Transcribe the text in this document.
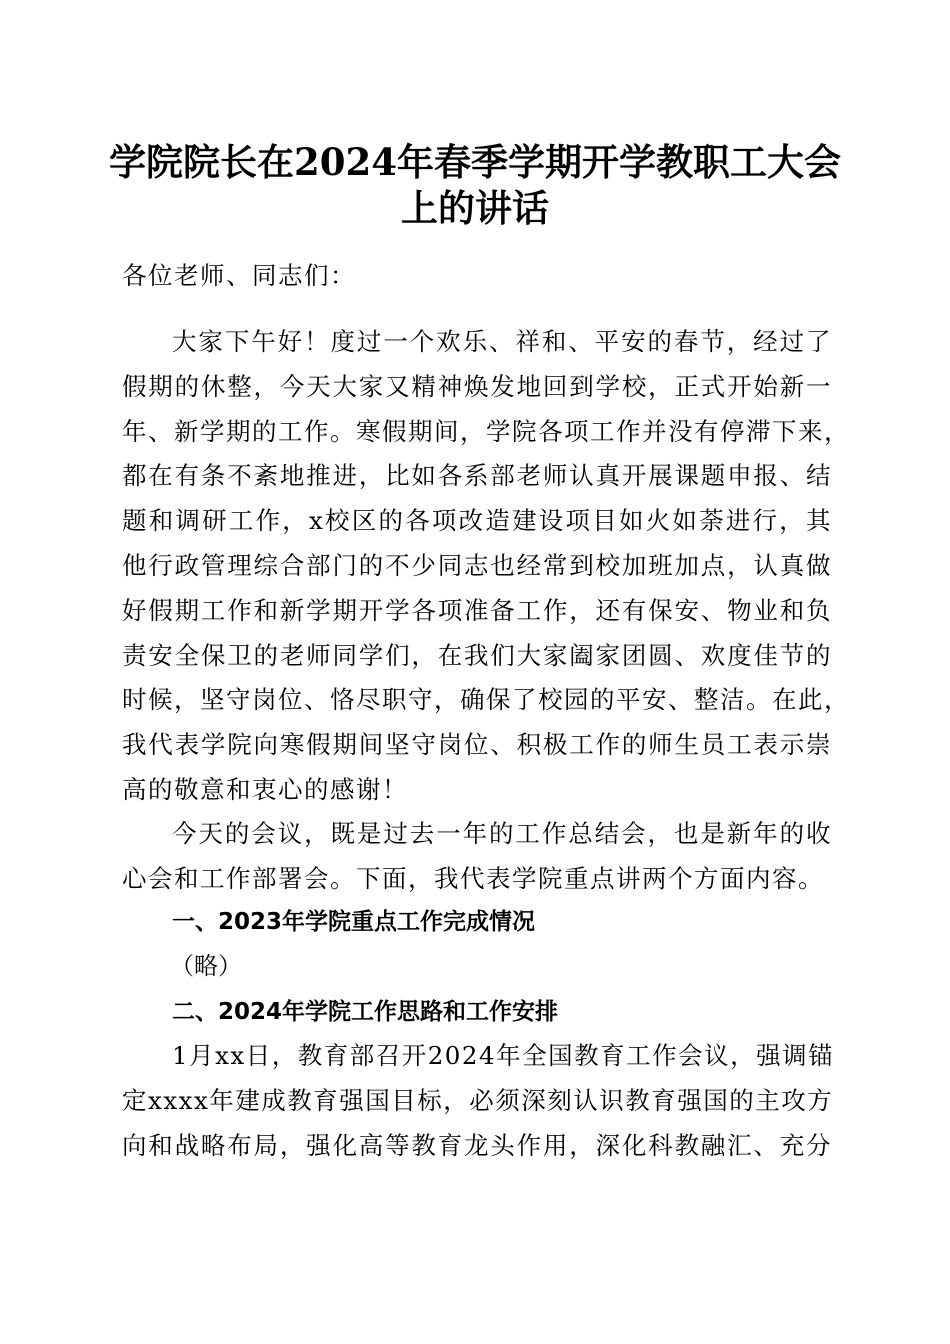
学院院长在2024年春季学期开学教职工大会
上的讲话
各位老师、同志们：
大家下午好！度过一个欢乐、祥和、平安的春节，经过了
假期的休整，今天大家又精神焕发地回到学校，正式开始新一
年、新学期的工作。寒假期间，学院各项工作并没有停滞下来，
都在有条不紊地推进，比如各系部老师认真开展课题申报、结
题和调研工作，x校区的各项改造建设项目如火如荼进行，其
他行政管理综合部门的不少同志也经常到校加班加点，认真做
好假期工作和新学期开学各项准备工作，还有保安、物业和负
责安全保卫的老师同学们，在我们大家阖家团圆、欢度佳节的
时候，坚守岗位、恪尽职守，确保了校园的平安、整洁。在此，
我代表学院向寒假期间坚守岗位、积极工作的师生员工表示崇
高的敬意和衷心的感谢！
今天的会议，既是过去一年的工作总结会，也是新年的收
心会和工作部署会。下面，我代表学院重点讲两个方面内容。
一、2023年学院重点工作完成情况

（略）

二、2024年学院工作思路和工作安排
1月xx日，教育部召开2024年全国教育工作会议，强调锚
定xxxx年建成教育强国目标，必须深刻认识教育强国的主攻方
向和战略布局，强化高等教育龙头作用，深化科教融汇、充分
